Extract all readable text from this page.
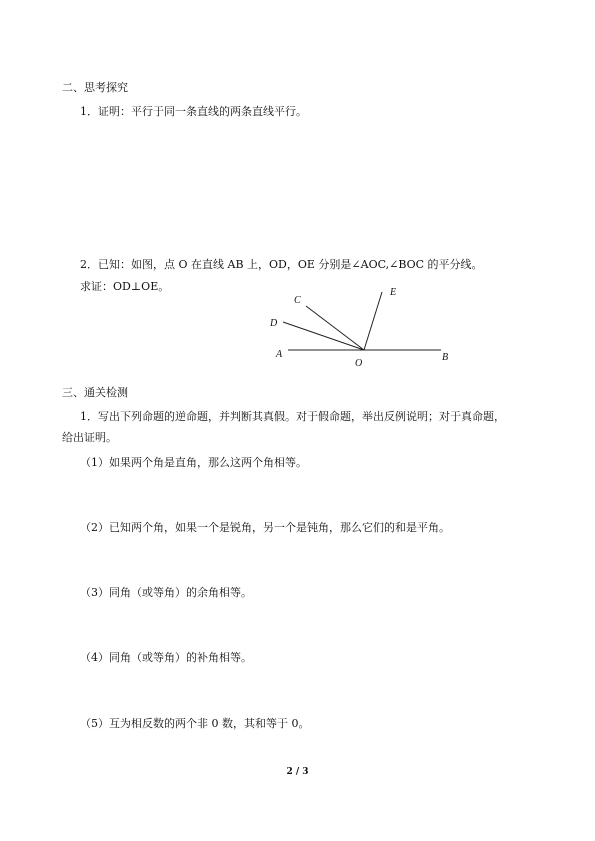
二、思考探究
1．证明：平行于同一条直线的两条直线平行。
2．已知：如图，点 O 在直线 AB 上，OD，OE 分别是∠AOC,∠BOC 的平分线。
求证：OD⊥OE。
A	B
O
C
D
E
三、通关检测
1．写出下列命题的逆命题，并判断其真假。对于假命题，举出反例说明；对于真命题，
给出证明。
（1）如果两个角是直角，那么这两个角相等。
（2）已知两个角，如果一个是锐角，另一个是钝角，那么它们的和是平角。
（3）同角（或等角）的余角相等。
（4）同角（或等角）的补角相等。
（5）互为相反数的两个非 0 数，其和等于 0。
2 / 3
